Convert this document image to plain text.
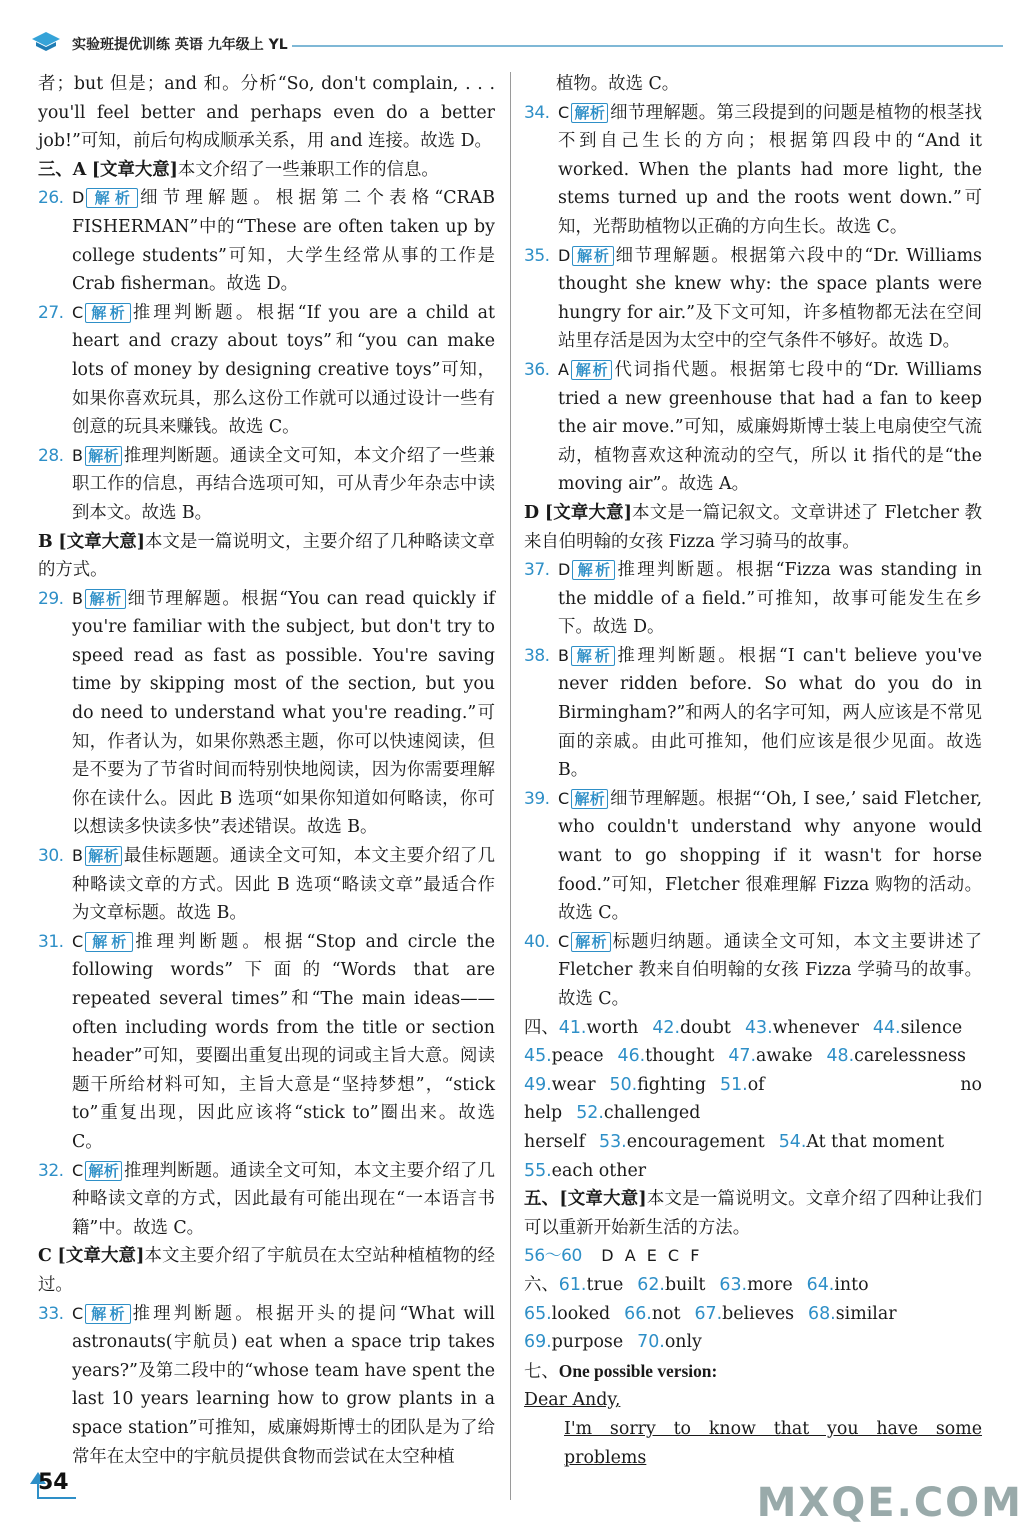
实验班提优训练 英语 九年级上 YL

者；but 但是；and 和。分析“So, don't complain, . . . you'll feel better and perhaps even do a better job!”可知，前后句构成顺承关系，用 and 连接。故选 D。

三、A [文章大意]本文介绍了一些兼职工作的信息。

26. D 解析 细节理解题。根据第二个表格“CRAB FISHERMAN”中的“These are often taken up by college students”可知，大学生经常从事的工作是 Crab fisherman。故选 D。

27. C 解析 推理判断题。根据“If you are a child at heart and crazy about toys”和“you can make lots of money by designing creative toys”可知，如果你喜欢玩具，那么这份工作就可以通过设计一些有创意的玩具来赚钱。故选 C。

28. B 解析 推理判断题。通读全文可知，本文介绍了一些兼职工作的信息，再结合选项可知，可从青少年杂志中读到本文。故选 B。

B [文章大意]本文是一篇说明文，主要介绍了几种略读文章的方式。

29. B 解析 细节理解题。根据“You can read quickly if you're familiar with the subject, but don't try to speed read as fast as possible. You're saving time by skipping most of the section, but you do need to understand what you're reading.”可知，作者认为，如果你熟悉主题，你可以快速阅读，但是不要为了节省时间而特别快地阅读，因为你需要理解你在读什么。因此 B 选项“如果你知道如何略读，你可以想读多快读多快”表述错误。故选 B。

30. B 解析 最佳标题题。通读全文可知，本文主要介绍了几种略读文章的方式。因此 B 选项“略读文章”最适合作为文章标题。故选 B。

31. C 解析 推理判断题。根据“Stop and circle the following words”下面的“Words that are repeated several times”和“The main ideas——often including words from the title or section header”可知，要圈出重复出现的词或主旨大意。阅读题干所给材料可知，主旨大意是“坚持梦想”，“stick to”重复出现，因此应该将“stick to”圈出来。故选 C。

32. C 解析 推理判断题。通读全文可知，本文主要介绍了几种略读文章的方式，因此最有可能出现在“一本语言书籍”中。故选 C。

C [文章大意]本文主要介绍了宇航员在太空站种植植物的经过。

33. C 解析 推理判断题。根据开头的提问“What will astronauts(宇航员) eat when a space trip takes years?”及第二段中的“whose team have spent the last 10 years learning how to grow plants in a space station”可推知，威廉姆斯博士的团队是为了给常年在太空中的宇航员提供食物而尝试在太空种植

植物。故选 C。

34. C 解析 细节理解题。第三段提到的问题是植物的根茎找不到自己生长的方向；根据第四段中的“And it worked. When the plants had more light, the stems turned up and the roots went down.”可知，光帮助植物以正确的方向生长。故选 C。

35. D 解析 细节理解题。根据第六段中的“Dr. Williams thought she knew why: the space plants were hungry for air.”及下文可知，许多植物都无法在空间站里存活是因为太空中的空气条件不够好。故选 D。

36. A 解析 代词指代题。根据第七段中的“Dr. Williams tried a new greenhouse that had a fan to keep the air move.”可知，威廉姆斯博士装上电扇使空气流动，植物喜欢这种流动的空气，所以 it 指代的是“the moving air”。故选 A。

D [文章大意]本文是一篇记叙文。文章讲述了 Fletcher 教来自伯明翰的女孩 Fizza 学习骑马的故事。

37. D 解析 推理判断题。根据“Fizza was standing in the middle of a field.”可推知，故事可能发生在乡下。故选 D。

38. B 解析 推理判断题。根据“I can't believe you've never ridden before. So what do you do in Birmingham?”和两人的名字可知，两人应该是不常见面的亲戚。由此可推知，他们应该是很少见面。故选 B。

39. C 解析 细节理解题。根据“‘Oh, I see,’ said Fletcher, who couldn't understand why anyone would want to go shopping if it wasn't for horse food.”可知，Fletcher 很难理解 Fizza 购物的活动。故选 C。

40. C 解析 标题归纳题。通读全文可知，本文主要讲述了 Fletcher 教来自伯明翰的女孩 Fizza 学骑马的故事。故选 C。

四、41.worth 42.doubt 43.whenever 44.silence

45.peace 46.thought 47.awake 48.carelessness

49.wear 50.fighting 51.of no help 52.challenged

herself 53.encouragement 54.At that moment

55.each other

五、[文章大意]本文是一篇说明文。文章介绍了四种让我们可以重新开始新生活的方法。

56～60 D A E C F

六、61.true 62.built 63.more 64.into

65.looked 66.not 67.believes 68.similar

69.purpose 70.only

七、One possible version:

Dear Andy,

I'm sorry to know that you have some problems

54	MXQE.COM
